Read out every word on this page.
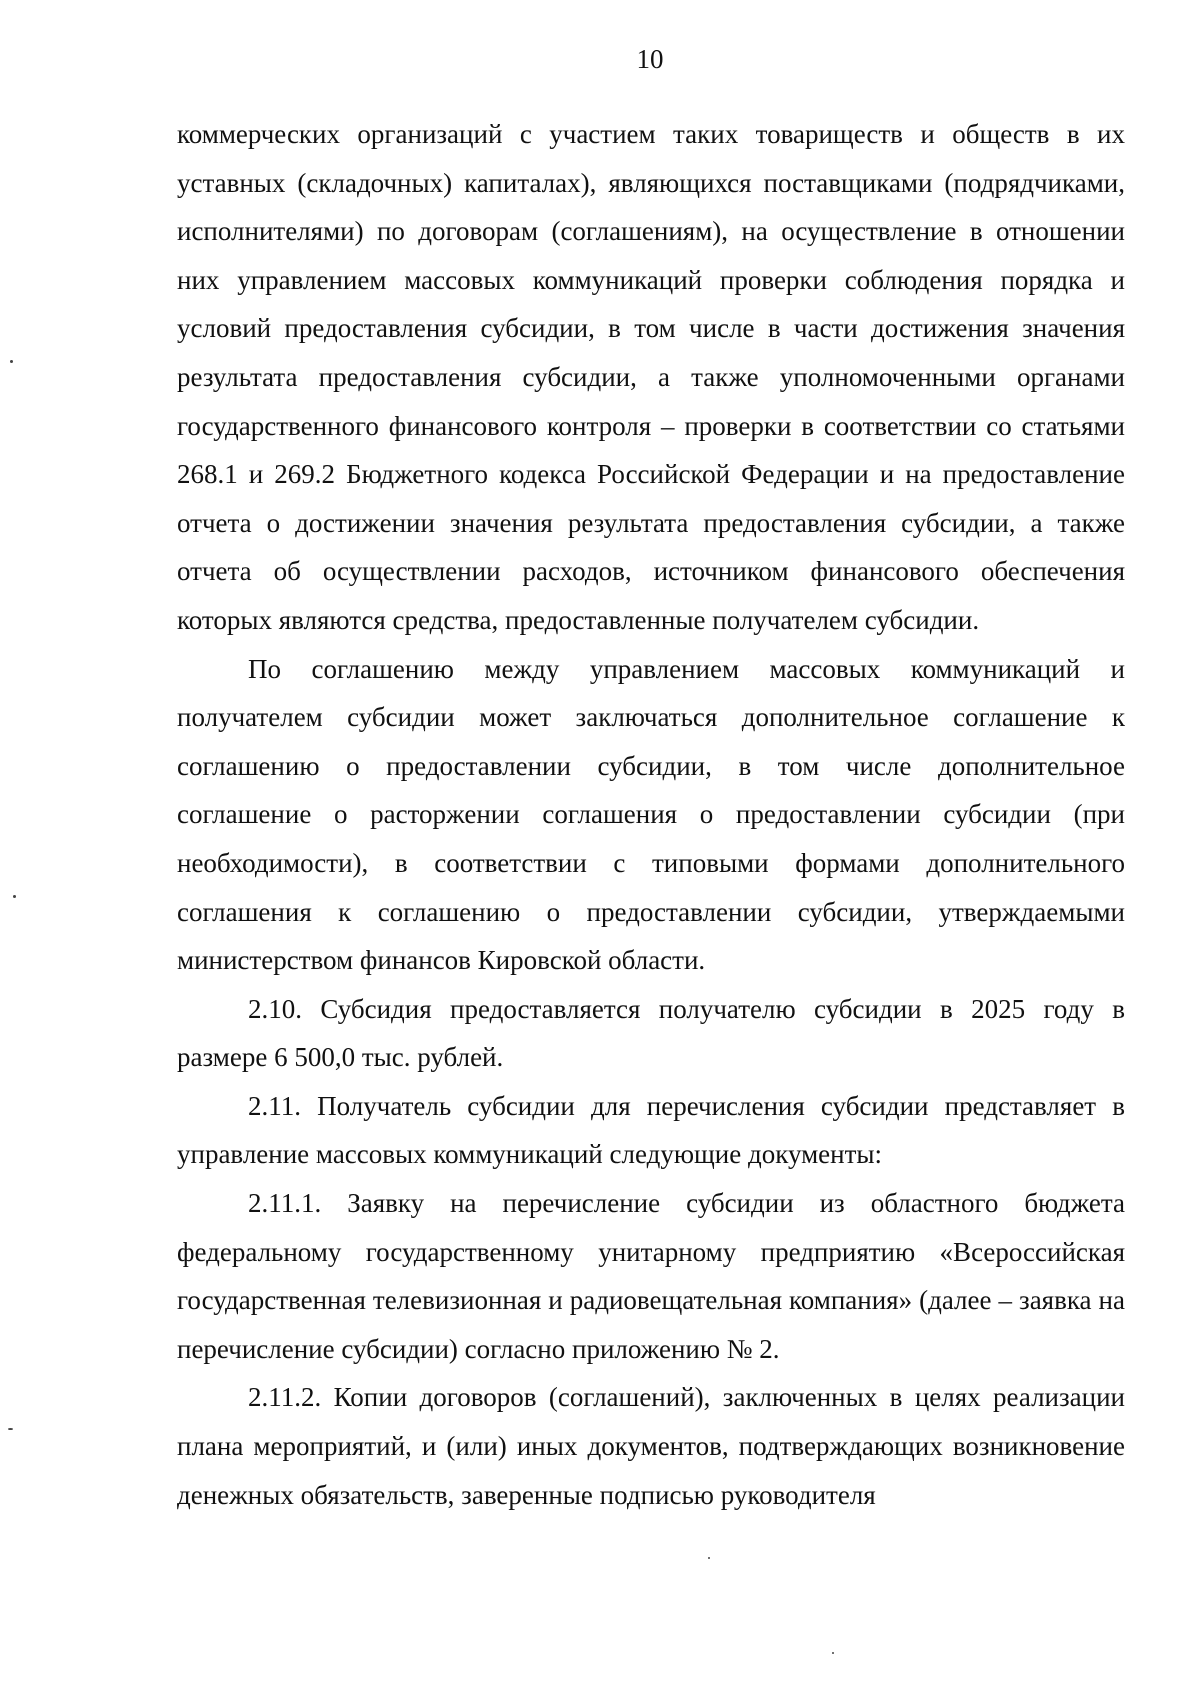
10

коммерческих организаций с участием таких товариществ и обществ в их уставных (складочных) капиталах), являющихся поставщиками (подрядчиками, исполнителями) по договорам (соглашениям), на осуществление в отношении них управлением массовых коммуникаций проверки соблюдения порядка и условий предоставления субсидии, в том числе в части достижения значения результата предоставления субсидии, а также уполномоченными органами государственного финансового контроля – проверки в соответствии со статьями 268.1 и 269.2 Бюджетного кодекса Российской Федерации и на предоставление отчета о достижении значения результата предоставления субсидии, а также отчета об осуществлении расходов, источником финансового обеспечения которых являются средства, предоставленные получателем субсидии.

По соглашению между управлением массовых коммуникаций и получателем субсидии может заключаться дополнительное соглашение к соглашению о предоставлении субсидии, в том числе дополнительное соглашение о расторжении соглашения о предоставлении субсидии (при необходимости), в соответствии с типовыми формами дополнительного соглашения к соглашению о предоставлении субсидии, утверждаемыми министерством финансов Кировской области.

2.10. Субсидия предоставляется получателю субсидии в 2025 году в размере 6 500,0 тыс. рублей.

2.11. Получатель субсидии для перечисления субсидии представляет в управление массовых коммуникаций следующие документы:

2.11.1. Заявку на перечисление субсидии из областного бюджета федеральному государственному унитарному предприятию «Всероссийская государственная телевизионная и радиовещательная компания» (далее – заявка на перечисление субсидии) согласно приложению № 2.

2.11.2. Копии договоров (соглашений), заключенных в целях реализации плана мероприятий, и (или) иных документов, подтверждающих возникновение денежных обязательств, заверенные подписью руководителя
